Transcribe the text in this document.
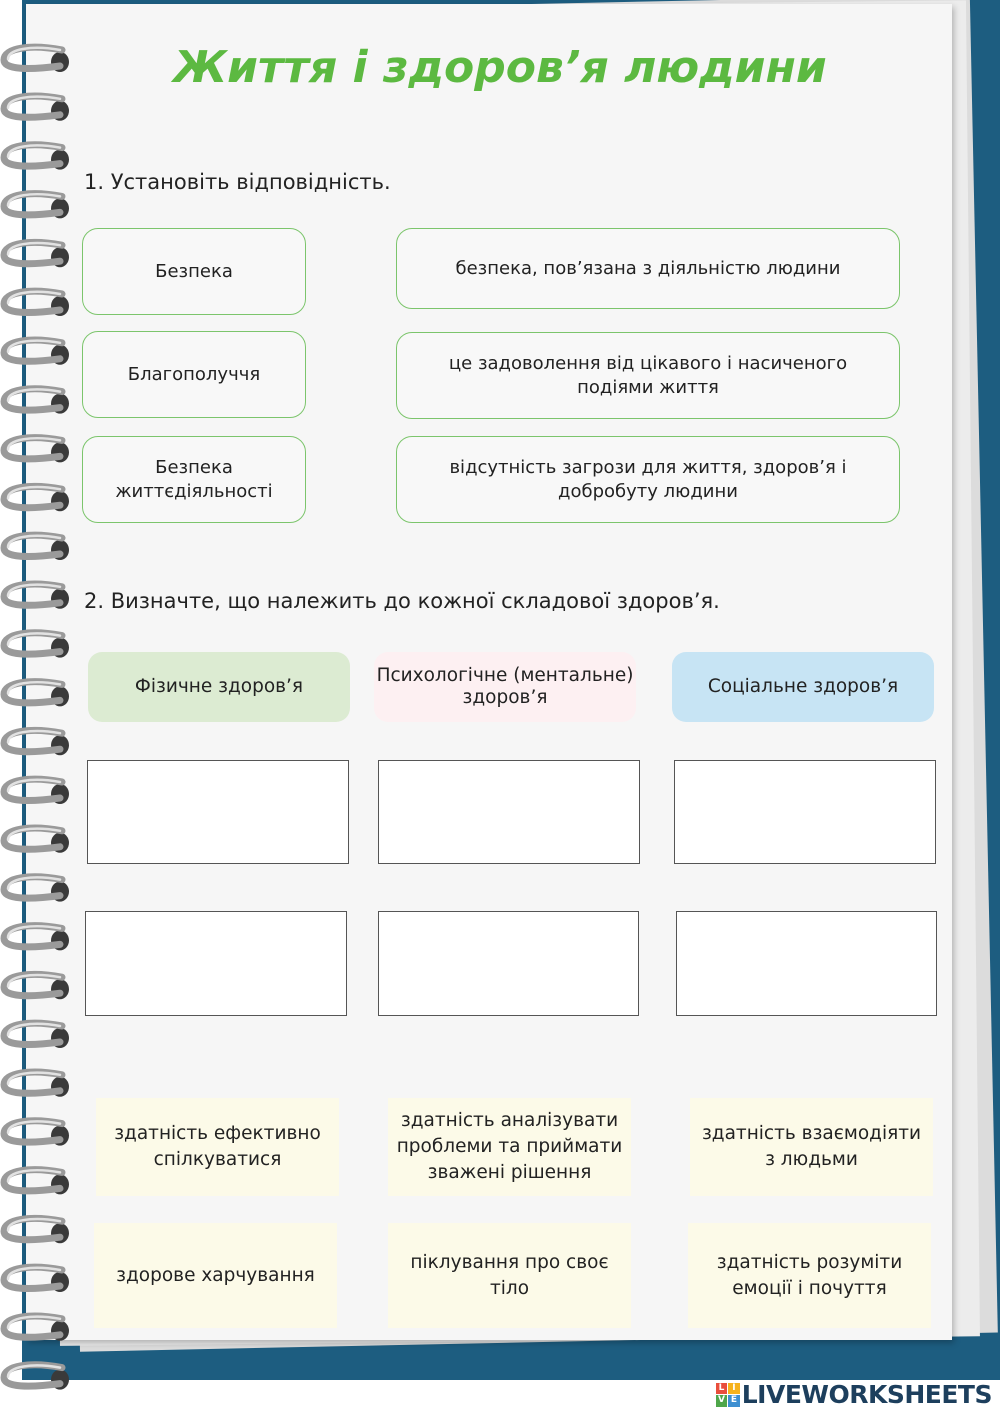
Життя і здоров’я людини
1. Установіть відповідність.
Безпека
Благополуччя
Безпека життєдіяльності
безпека, пов’язана з діяльністю людини
це задоволення від цікавого і насиченого подіями життя
відсутність загрози для життя, здоров’я і добробуту людини
2. Визначте, що належить до кожної складової здоров’я.
Фізичне здоров’я
Психологічне (ментальне) здоров’я
Соціальне здоров’я
здатність ефективно спілкуватися
здатність аналізувати проблеми та приймати зважені рішення
здатність взаємодіяти з людьми
здорове харчування
піклування про своє тіло
здатність розуміти емоції і почуття
L I
V E LIVEWORKSHEETS
